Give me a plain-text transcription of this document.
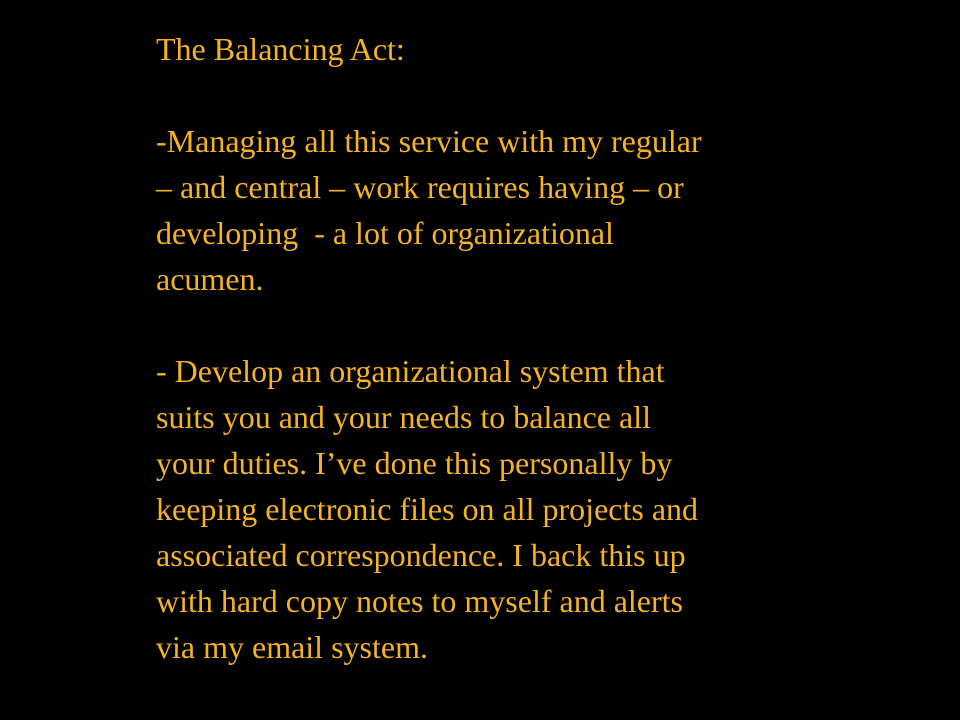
The Balancing Act:
-Managing all this service with my regular
– and central – work requires having – or
developing  - a lot of organizational
acumen.
- Develop an organizational system that
suits you and your needs to balance all
your duties. I’ve done this personally by
keeping electronic files on all projects and
associated correspondence. I back this up
with hard copy notes to myself and alerts
via my email system.
